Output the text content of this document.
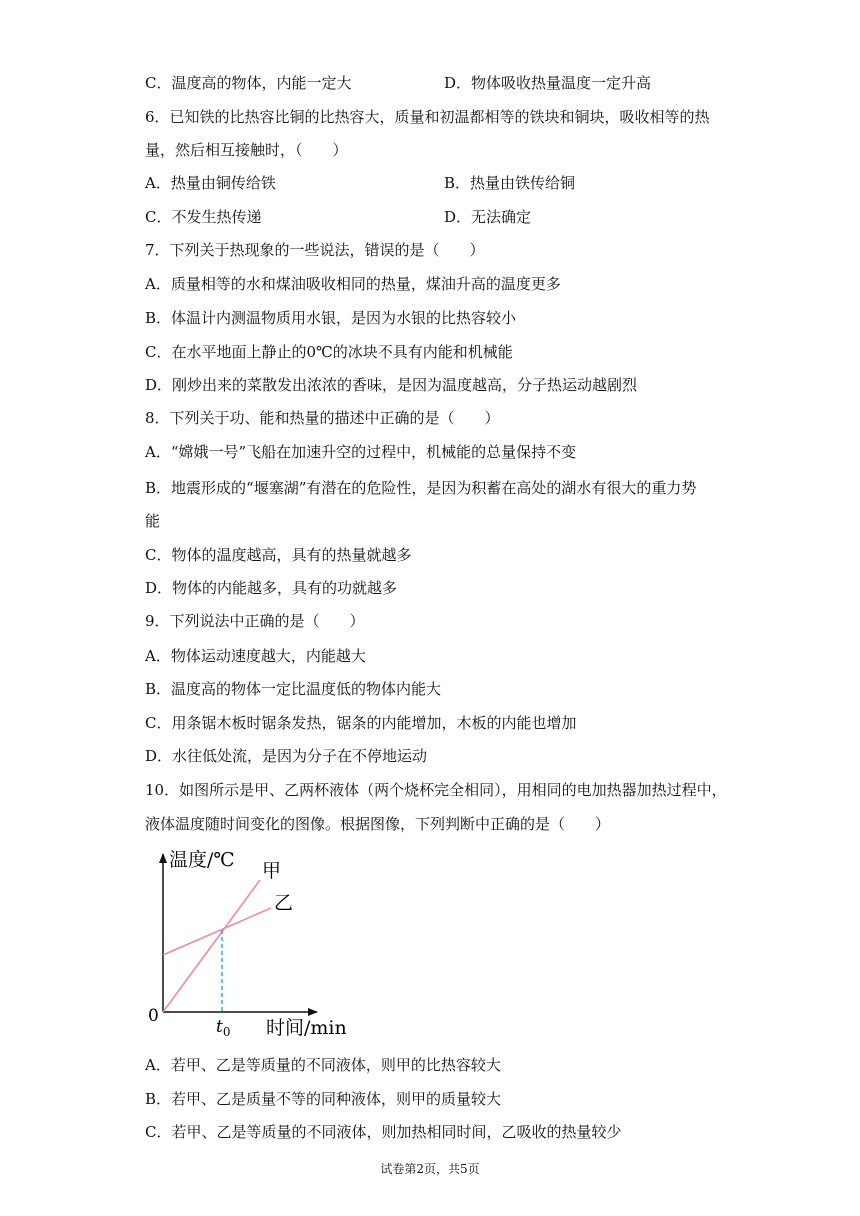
C．温度高的物体，内能一定大	D．物体吸收热量温度一定升高
6．已知铁的比热容比铜的比热容大，质量和初温都相等的铁块和铜块，吸收相等的热
量，然后相互接触时，（　　）
A．热量由铜传给铁	B．热量由铁传给铜
C．不发生热传递	D．无法确定
7．下列关于热现象的一些说法，错误的是（　　）
A．质量相等的水和煤油吸收相同的热量，煤油升高的温度更多
B．体温计内测温物质用水银，是因为水银的比热容较小
C．在水平地面上静止的0℃的冰块不具有内能和机械能
D．刚炒出来的菜散发出浓浓的香味，是因为温度越高，分子热运动越剧烈
8．下列关于功、能和热量的描述中正确的是（　　）
A．“嫦娥一号”飞船在加速升空的过程中，机械能的总量保持不变
B．地震形成的“堰塞湖”有潜在的危险性，是因为积蓄在高处的湖水有很大的重力势
能
C．物体的温度越高，具有的热量就越多
D．物体的内能越多，具有的功就越多
9．下列说法中正确的是（　　）
A．物体运动速度越大，内能越大
B．温度高的物体一定比温度低的物体内能大
C．用条锯木板时锯条发热，锯条的内能增加，木板的内能也增加
D．水往低处流，是因为分子在不停地运动
10．如图所示是甲、乙两杯液体（两个烧杯完全相同），用相同的电加热器加热过程中，
液体温度随时间变化的图像。根据图像，下列判断中正确的是（　　）
温度/℃
时间/min
0
$t_0$
甲
乙
A．若甲、乙是等质量的不同液体，则甲的比热容较大
B．若甲、乙是质量不等的同种液体，则甲的质量较大
C．若甲、乙是等质量的不同液体，则加热相同时间，乙吸收的热量较少
试卷第2页，共5页
